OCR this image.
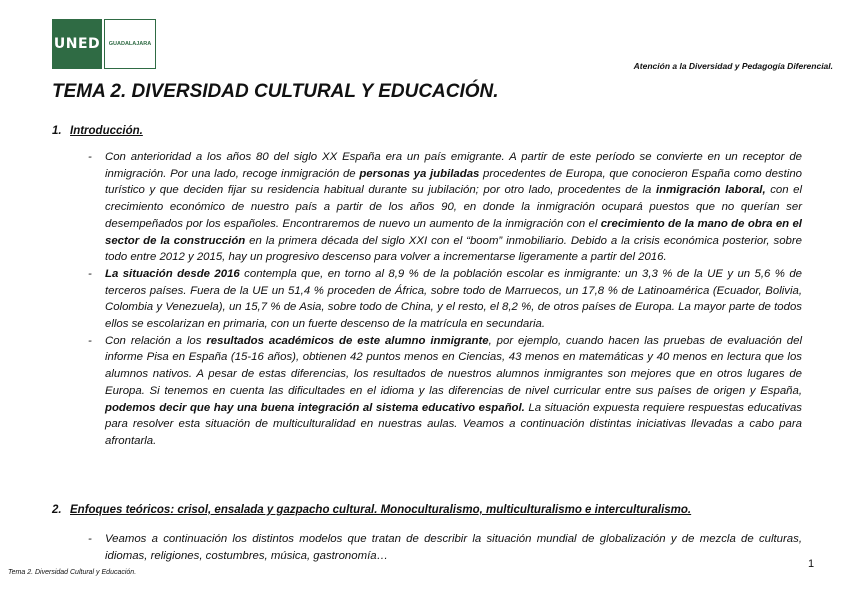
UNED	GUADALAJARA
Atención a la Diversidad y Pedagogía Diferencial.
TEMA 2. DIVERSIDAD CULTURAL Y EDUCACIÓN.
1. Introducción.
- Con anterioridad a los años 80 del siglo XX España era un país emigrante. A partir de este período se convierte en un receptor de inmigración. Por una lado, recoge inmigración de personas ya jubiladas procedentes de Europa, que conocieron España como destino turístico y que deciden fijar su residencia habitual durante su jubilación; por otro lado, procedentes de la inmigración laboral, con el crecimiento económico de nuestro país a partir de los años 90, en donde la inmigración ocupará puestos que no querían ser desempeñados por los españoles. Encontraremos de nuevo un aumento de la inmigración con el crecimiento de la mano de obra en el sector de la construcción en la primera década del siglo XXI con el “boom” inmobiliario. Debido a la crisis económica posterior, sobre todo entre 2012 y 2015, hay un progresivo descenso para volver a incrementarse ligeramente a partir del 2016.
- La situación desde 2016 contempla que, en torno al 8,9 % de la población escolar es inmigrante: un 3,3 % de la UE y un 5,6 % de terceros países. Fuera de la UE un 51,4 % proceden de África, sobre todo de Marruecos, un 17,8 % de Latinoamérica (Ecuador, Bolivia, Colombia y Venezuela), un 15,7 % de Asia, sobre todo de China, y el resto, el 8,2 %, de otros países de Europa. La mayor parte de todos ellos se escolarizan en primaria, con un fuerte descenso de la matrícula en secundaria.
- Con relación a los resultados académicos de este alumno inmigrante, por ejemplo, cuando hacen las pruebas de evaluación del informe Pisa en España (15-16 años), obtienen 42 puntos menos en Ciencias, 43 menos en matemáticas y 40 menos en lectura que los alumnos nativos. A pesar de estas diferencias, los resultados de nuestros alumnos inmigrantes son mejores que en otros lugares de Europa. Si tenemos en cuenta las dificultades en el idioma y las diferencias de nivel curricular entre sus países de origen y España, podemos decir que hay una buena integración al sistema educativo español. La situación expuesta requiere respuestas educativas para resolver esta situación de multiculturalidad en nuestras aulas. Veamos a continuación distintas iniciativas llevadas a cabo para afrontarla.
2. Enfoques teóricos: crisol, ensalada y gazpacho cultural. Monoculturalismo, multiculturalismo e interculturalismo.
- Veamos a continuación los distintos modelos que tratan de describir la situación mundial de globalización y de mezcla de culturas, idiomas, religiones, costumbres, música, gastronomía…
Tema 2. Diversidad Cultural y Educación.
1
